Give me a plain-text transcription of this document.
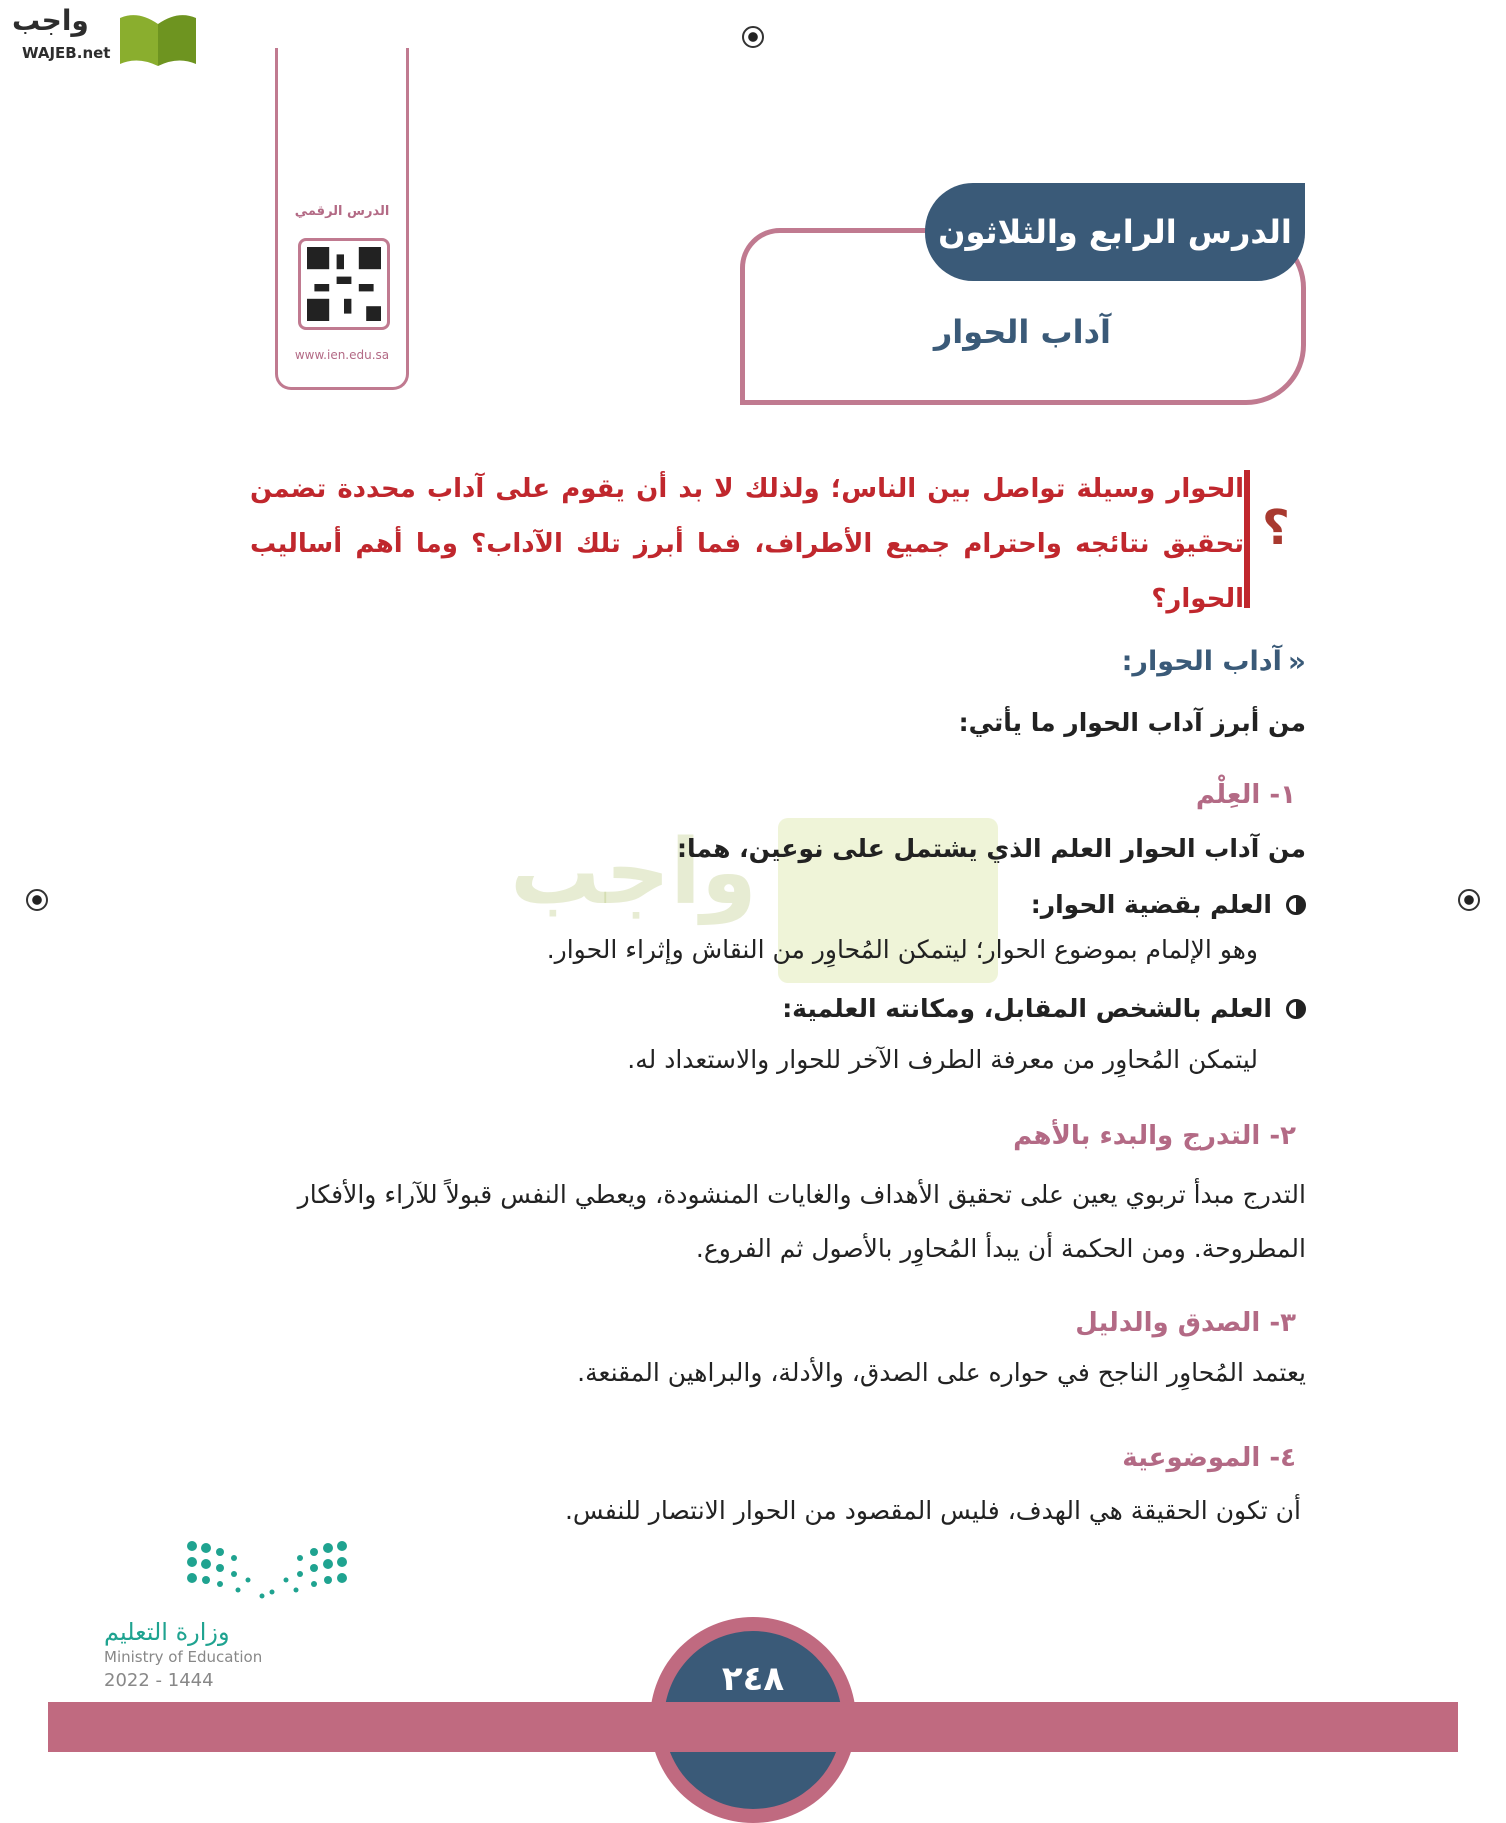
واجب
WAJEB.net
الدرس الرقمي
www.ien.edu.sa
آداب الحوار
الدرس الرابع والثلاثون
؟
الحوار وسيلة تواصل بين الناس؛ ولذلك لا بد أن يقوم على آداب محددة تضمن تحقيق نتائجه واحترام جميع الأطراف، فما أبرز تلك الآداب؟ وما أهم أساليب الحوار؟
واجب
«
آداب الحوار:
من أبرز آداب الحوار ما يأتي:
١- العِلْم
من آداب الحوار العلم الذي يشتمل على نوعين، هما:
العلم بقضية الحوار:
وهو الإلمام بموضوع الحوار؛ ليتمكن المُحاوِر من النقاش وإثراء الحوار.
العلم بالشخص المقابل، ومكانته العلمية:
ليتمكن المُحاوِر من معرفة الطرف الآخر للحوار والاستعداد له.
٢- التدرج والبدء بالأهم
التدرج مبدأ تربوي يعين على تحقيق الأهداف والغايات المنشودة، ويعطي النفس قبولاً للآراء والأفكار المطروحة. ومن الحكمة أن يبدأ المُحاوِر بالأصول ثم الفروع.
٣- الصدق والدليل
يعتمد المُحاوِر الناجح في حواره على الصدق، والأدلة، والبراهين المقنعة.
٤- الموضوعية
أن تكون الحقيقة هي الهدف، فليس المقصود من الحوار الانتصار للنفس.
وزارة التعليم
Ministry of Education
2022 - 1444	٢٤٨
